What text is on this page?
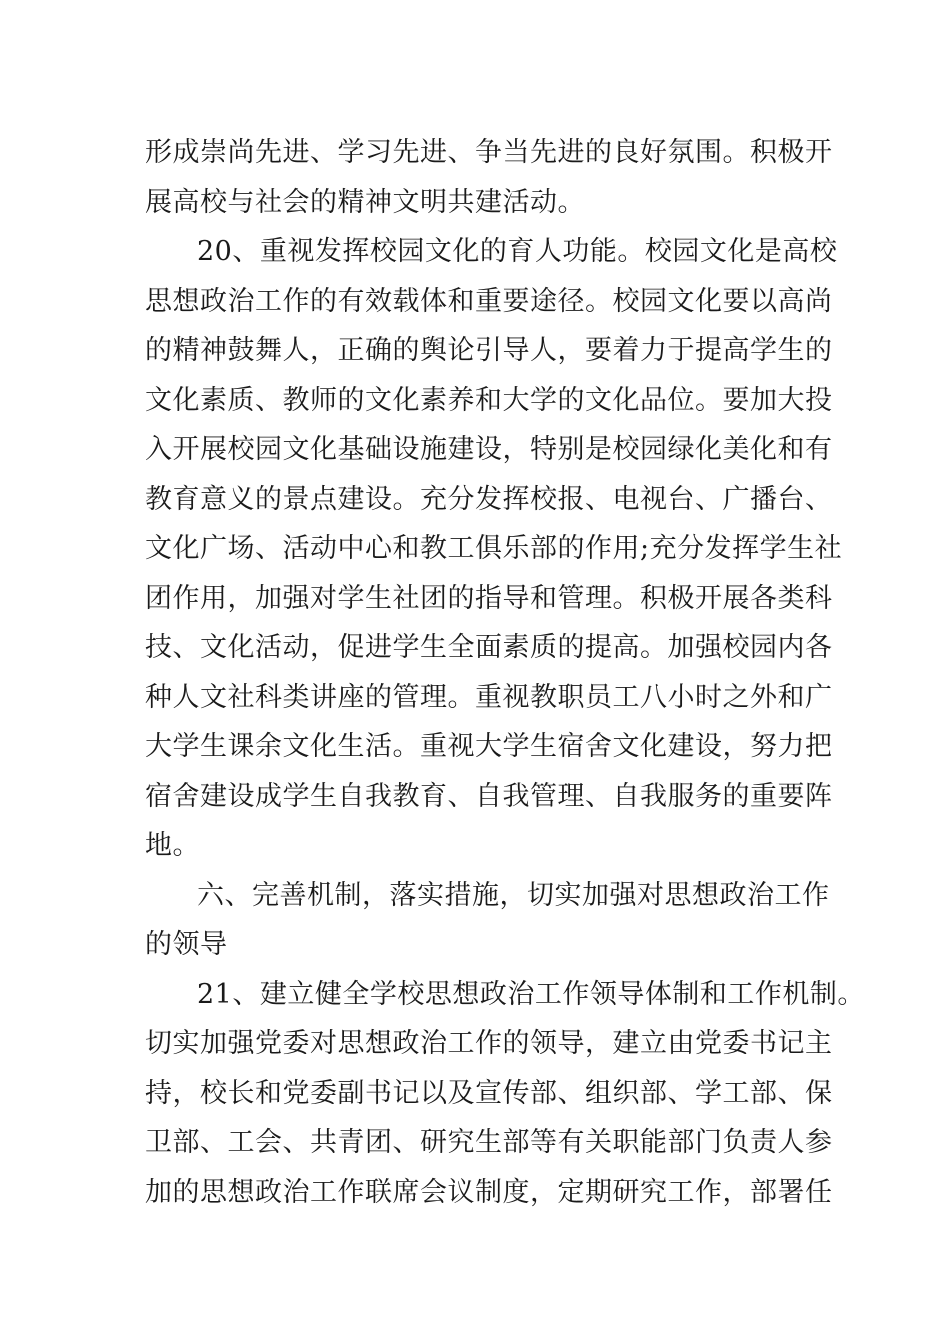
形成崇尚先进、学习先进、争当先进的良好氛围。积极开
展高校与社会的精神文明共建活动。
20、重视发挥校园文化的育人功能。校园文化是高校
思想政治工作的有效载体和重要途径。校园文化要以高尚
的精神鼓舞人，正确的舆论引导人，要着力于提高学生的
文化素质、教师的文化素养和大学的文化品位。要加大投
入开展校园文化基础设施建设，特别是校园绿化美化和有
教育意义的景点建设。充分发挥校报、电视台、广播台、
文化广场、活动中心和教工俱乐部的作用;充分发挥学生社
团作用，加强对学生社团的指导和管理。积极开展各类科
技、文化活动，促进学生全面素质的提高。加强校园内各
种人文社科类讲座的管理。重视教职员工八小时之外和广
大学生课余文化生活。重视大学生宿舍文化建设，努力把
宿舍建设成学生自我教育、自我管理、自我服务的重要阵
地。
六、完善机制，落实措施，切实加强对思想政治工作
的领导
21、建立健全学校思想政治工作领导体制和工作机制。
切实加强党委对思想政治工作的领导，建立由党委书记主
持，校长和党委副书记以及宣传部、组织部、学工部、保
卫部、工会、共青团、研究生部等有关职能部门负责人参
加的思想政治工作联席会议制度，定期研究工作，部署任
